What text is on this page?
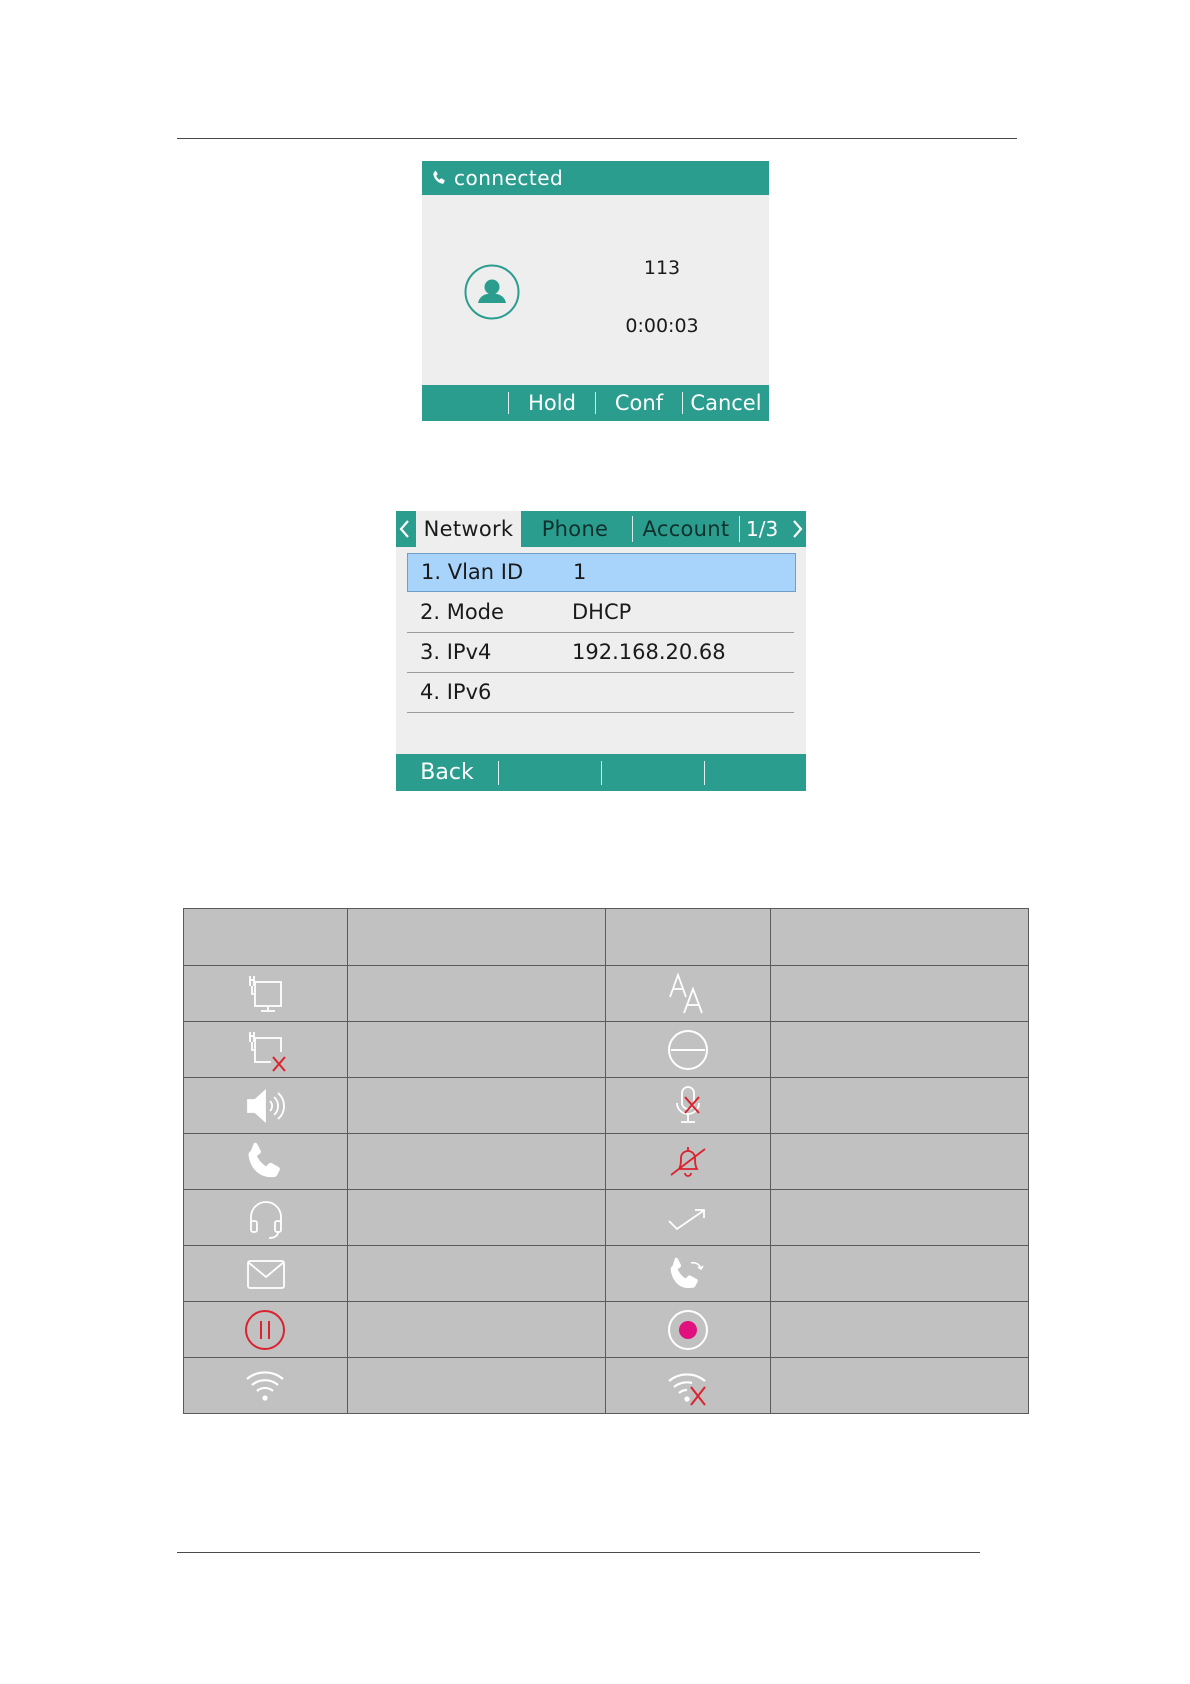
connected
113
0:00:03
Hold	Conf	Cancel
Network	Phone	Account 1/3
1. Vlan ID 1
2. Mode	DHCP
3. IPv4	192.168.20.68
4. IPv6
Back
